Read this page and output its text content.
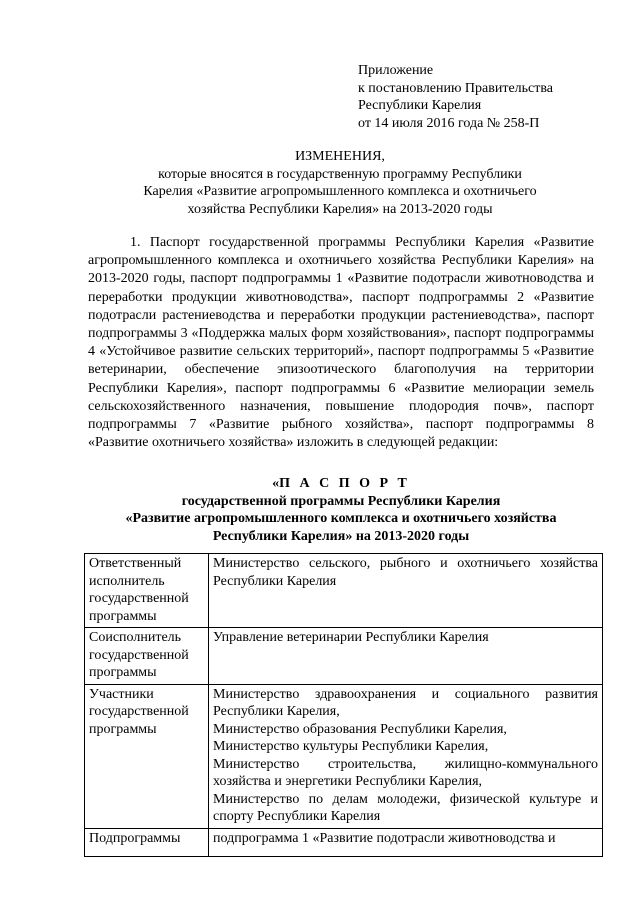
Приложение
к постановлению Правительства
Республики Карелия
от 14 июля 2016 года № 258-П
ИЗМЕНЕНИЯ,
которые вносятся в государственную программу Республики
Карелия «Развитие агропромышленного комплекса и охотничьего
хозяйства Республики Карелия» на 2013-2020 годы

1. Паспорт государственной программы Республики Карелия «Развитие агропромышленного комплекса и охотничьего хозяйства Республики Карелия» на 2013-2020 годы, паспорт подпрограммы 1 «Развитие подотрасли животноводства и переработки продукции животноводства», паспорт подпрограммы 2 «Развитие подотрасли растениеводства и переработки продукции растениеводства», паспорт подпрограммы 3 «Поддержка малых форм хозяйствования», паспорт подпрограммы 4 «Устойчивое развитие сельских территорий», паспорт подпрограммы 5 «Развитие ветеринарии, обеспечение эпизоотического благополучия на территории Республики Карелия», паспорт подпрограммы 6 «Развитие мелиорации земель сельскохозяйственного назначения, повышение плодородия почв», паспорт подпрограммы 7 «Развитие рыбного хозяйства», паспорт подпрограммы 8 «Развитие охотничьего хозяйства» изложить в следующей редакции:

«П А С П О Р Т
государственной программы Республики Карелия
«Развитие агропромышленного комплекса и охотничьего хозяйства
Республики Карелия» на 2013-2020 годы
Ответственный исполнитель государственной программы	Министерство сельского, рыбного и охотничьего хозяйства Республики Карелия
Соисполнитель государственной программы	Управление ветеринарии Республики Карелия
Участники государственной программы	Министерство здравоохранения и социального развития Республики Карелия,
Министерство образования Республики Карелия,
Министерство культуры Республики Карелия,
Министерство строительства, жилищно-коммунального хозяйства и энергетики Республики Карелия,
Министерство по делам молодежи, физической культуре и спорту Республики Карелия

Подпрограммы	подпрограмма 1 «Развитие подотрасли животноводства и
